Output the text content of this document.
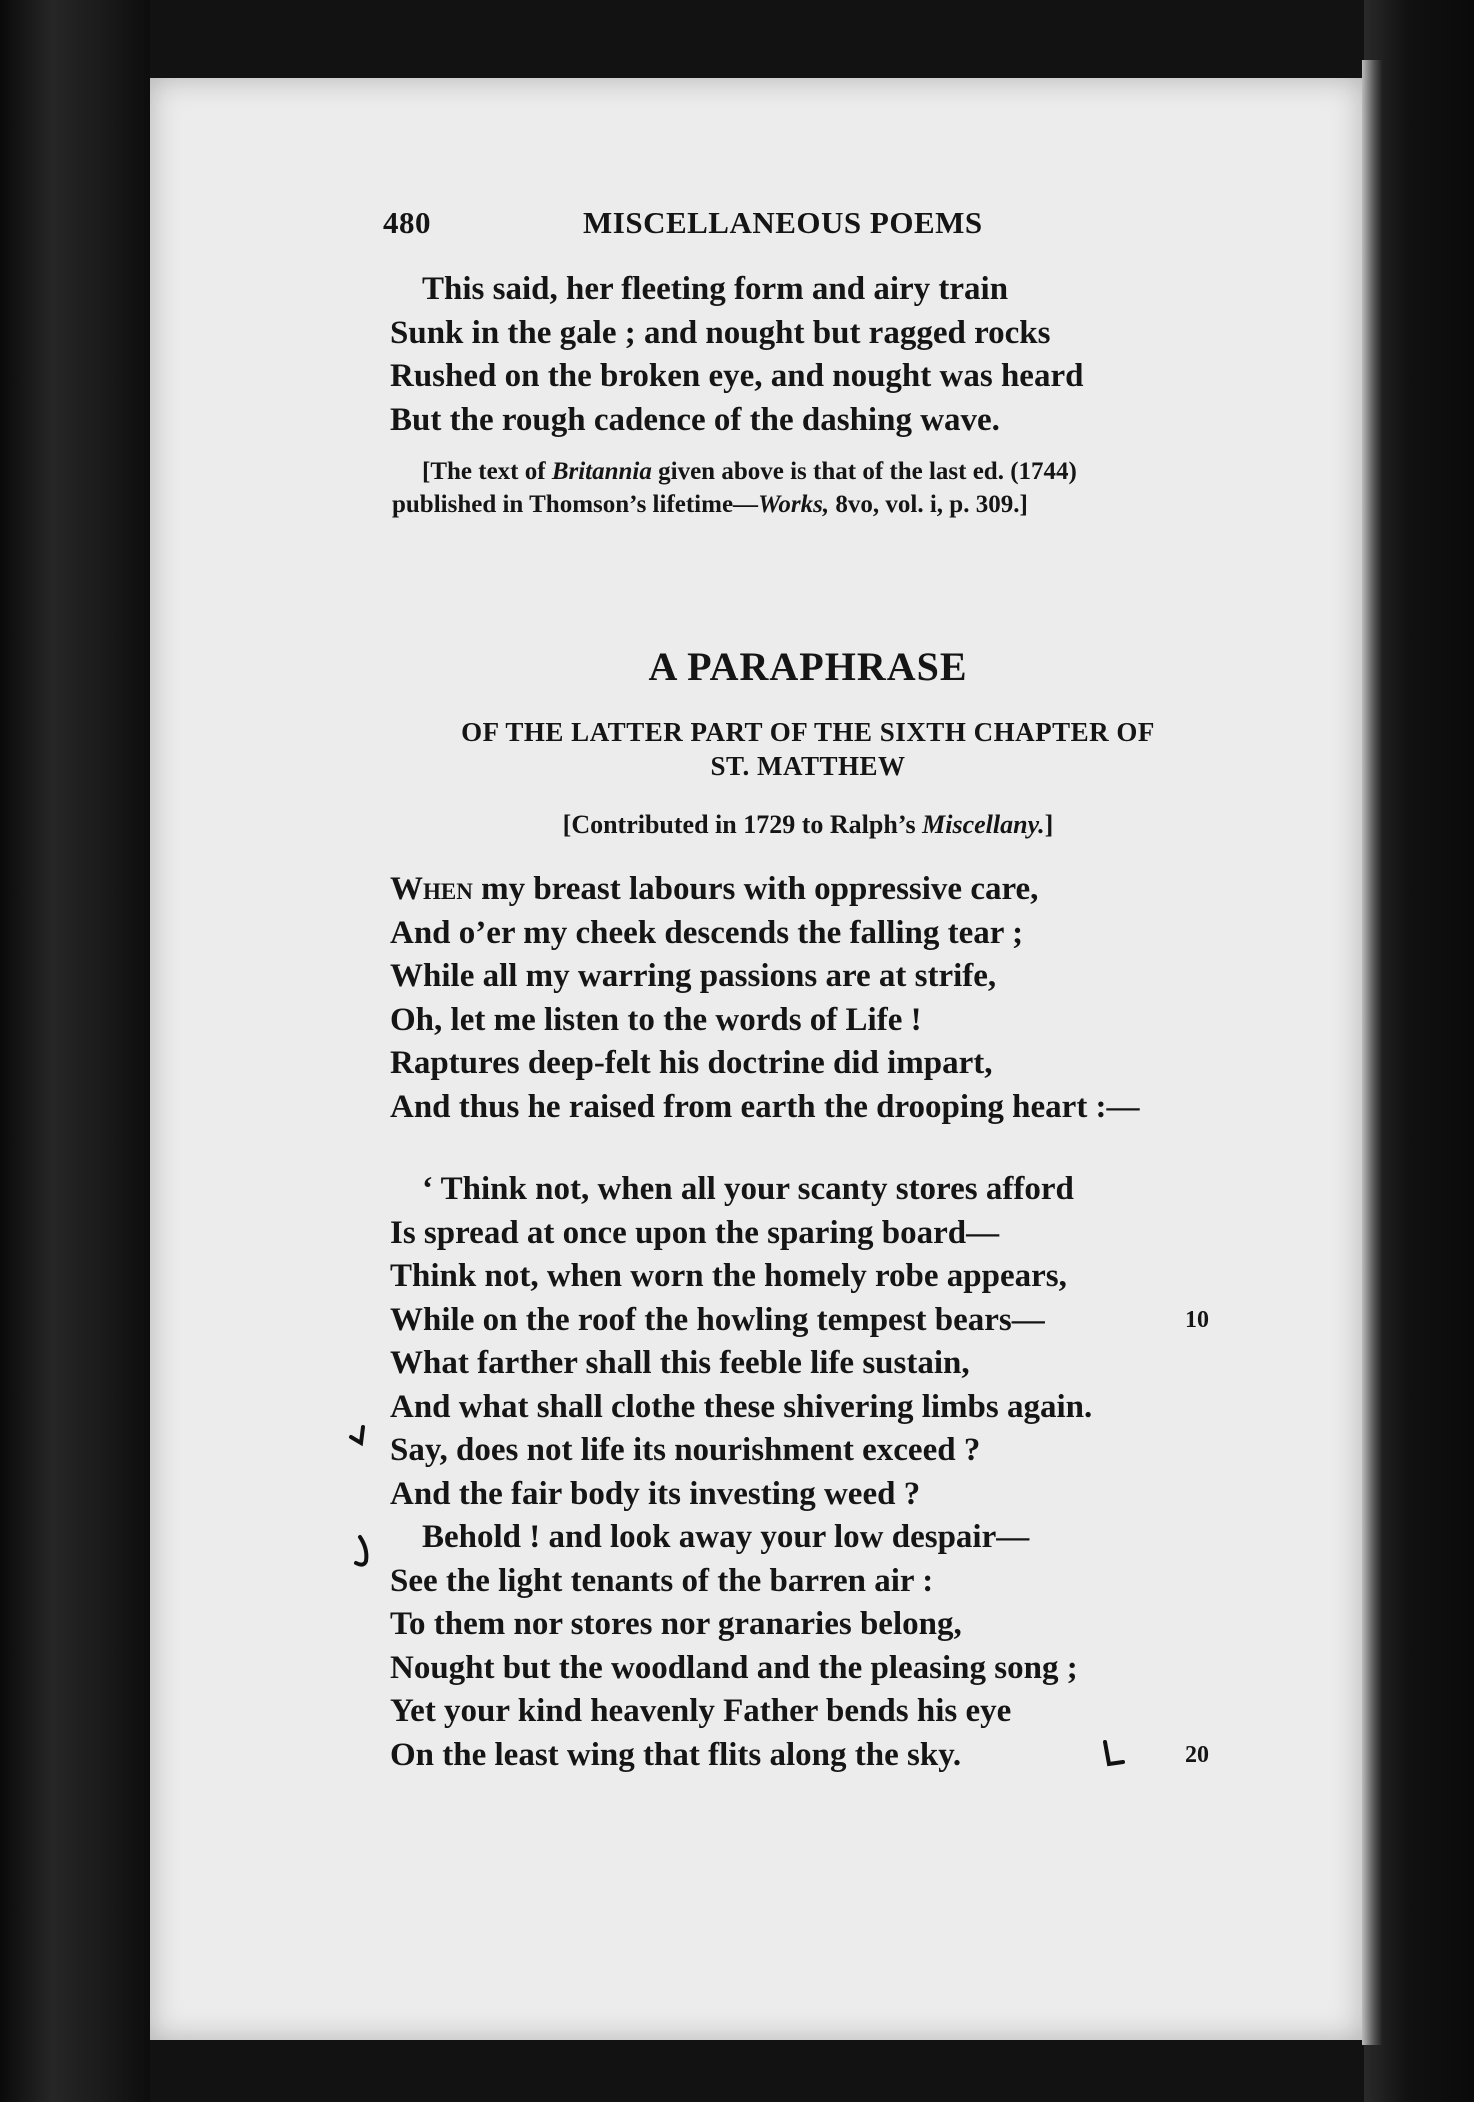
480	MISCELLANEOUS POEMS
This said, her fleeting form and airy train
Sunk in the gale ; and nought but ragged rocks
Rushed on the broken eye, and nought was heard
But the rough cadence of the dashing wave.
[The text of Britannia given above is that of the last ed. (1744)
published in Thomson’s lifetime—Works, 8vo, vol. i, p. 309.]
A PARAPHRASE
OF THE LATTER PART OF THE SIXTH CHAPTER OF
ST. MATTHEW
[Contributed in 1729 to Ralph’s Miscellany.]
When my breast labours with oppressive care,
And o’er my cheek descends the falling tear ;
While all my warring passions are at strife,
Oh, let me listen to the words of Life !
Raptures deep-felt his doctrine did impart,
And thus he raised from earth the drooping heart :—
‘ Think not, when all your scanty stores afford
Is spread at once upon the sparing board—
Think not, when worn the homely robe appears,
While on the roof the howling tempest bears—	10
What farther shall this feeble life sustain,
And what shall clothe these shivering limbs again.
Say, does not life its nourishment exceed ?
And the fair body its investing weed ?
Behold ! and look away your low despair—
See the light tenants of the barren air :
To them nor stores nor granaries belong,
Nought but the woodland and the pleasing song ;
Yet your kind heavenly Father bends his eye
On the least wing that flits along the sky.	20
